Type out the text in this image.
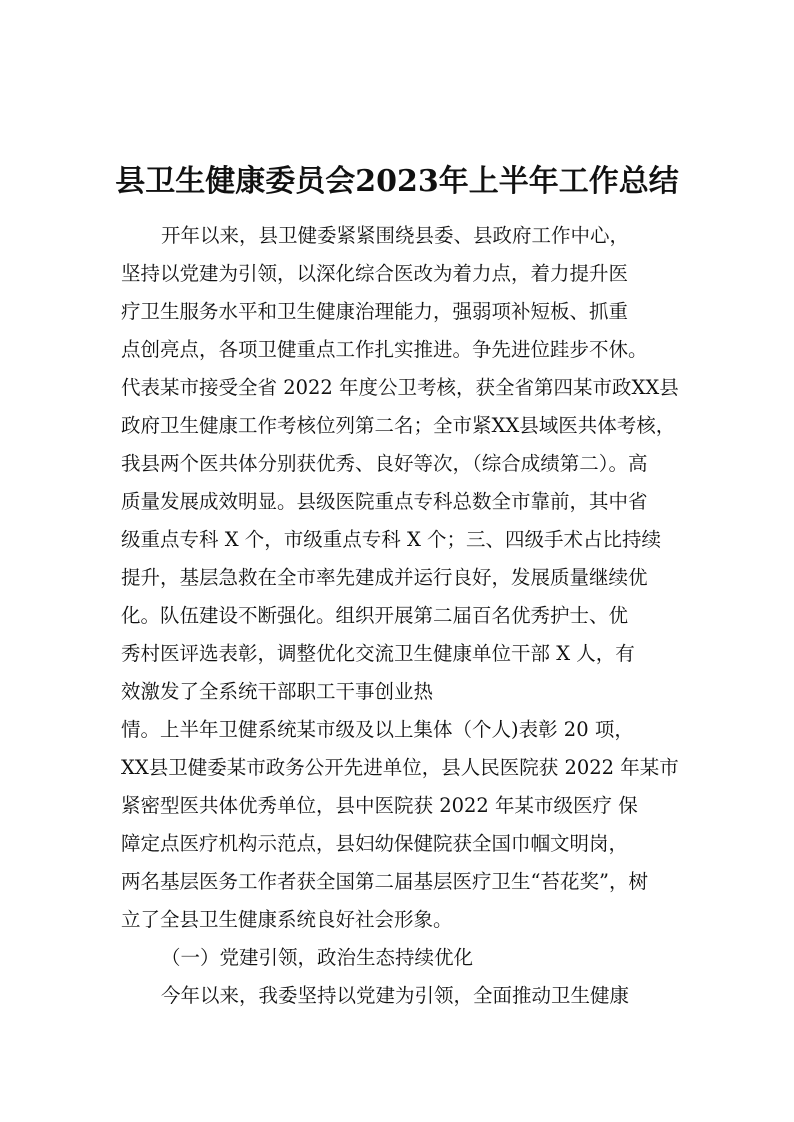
县卫生健康委员会2023年上半年工作总结
开年以来，县卫健委紧紧围绕县委、县政府工作中心，
坚持以党建为引领，以深化综合医改为着力点，着力提升医
疗卫生服务水平和卫生健康治理能力，强弱项补短板、抓重
点创亮点，各项卫健重点工作扎实推进。争先进位跬步不休。
代表某市接受全省 2022 年度公卫考核，获全省第四某市政XX县
政府卫生健康工作考核位列第二名；全市紧XX县域医共体考核，
我县两个医共体分别获优秀、良好等次，（综合成绩第二）。高
质量发展成效明显。县级医院重点专科总数全市靠前，其中省
级重点专科 X 个，市级重点专科 X 个；三、四级手术占比持续
提升，基层急救在全市率先建成并运行良好，发展质量继续优
化。队伍建设不断强化。组织开展第二届百名优秀护士、优
秀村医评选表彰，调整优化交流卫生健康单位干部 X 人，有
效激发了全系统干部职工干事创业热
情。上半年卫健系统某市级及以上集体（个人)表彰 20 项，
XX县卫健委某市政务公开先进单位，县人民医院获 2022 年某市
紧密型医共体优秀单位，县中医院获 2022 年某市级医疗 保
障定点医疗机构示范点，县妇幼保健院获全国巾帼文明岗，
两名基层医务工作者获全国第二届基层医疗卫生“苔花奖”，树
立了全县卫生健康系统良好社会形象。
（一）党建引领，政治生态持续优化
今年以来，我委坚持以党建为引领，全面推动卫生健康
